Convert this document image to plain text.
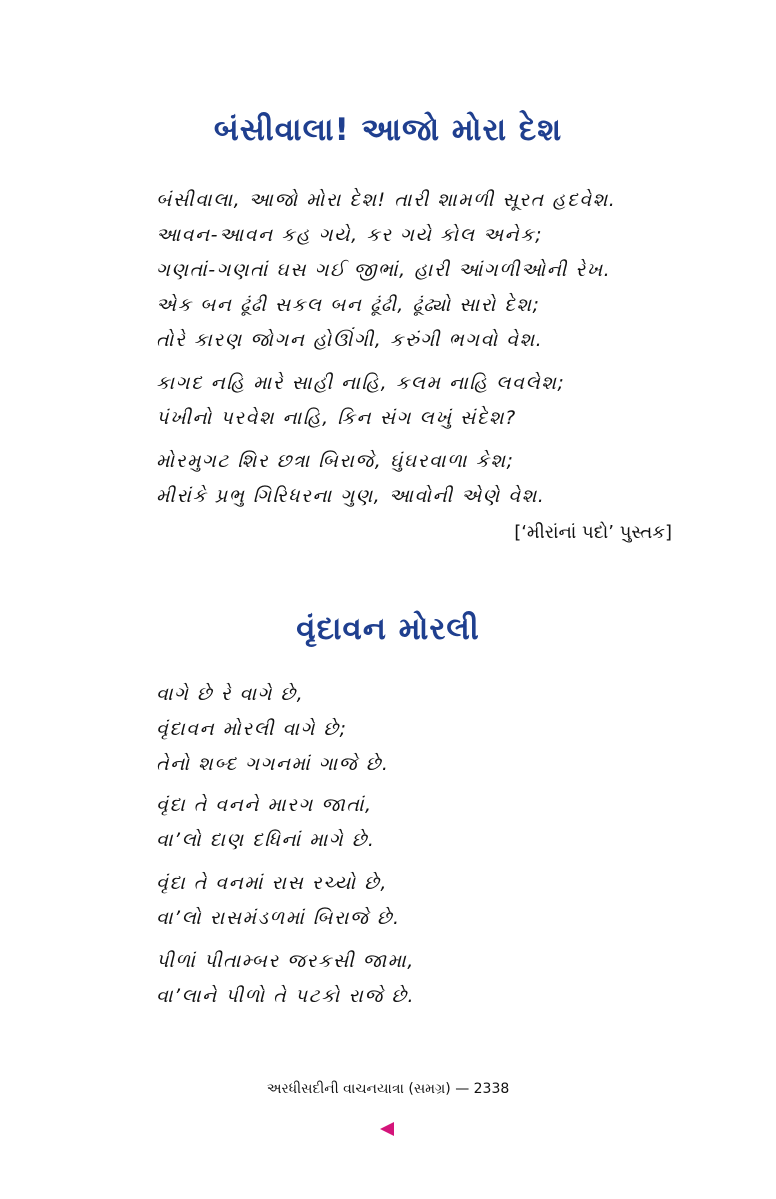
બંસીવાલા! આજો મોરા દેશ
બંસીવાલા, આજો મોરા દેશ! તારી શામળી સૂરત હદવેશ.
આવન-આવન કહ ગયે, કર ગયે કોલ અનેક;
ગણતાં-ગણતાં ઘસ ગઈ જીભાં, હારી આંગળીઓની રેખ.
એક બન ઢૂંઢી સકલ બન ઢૂંઢી, ઢૂંઢ્યો સારો દેશ;
તોરે કારણ જોગન હોઊંગી, કરુંગી ભગવો વેશ.
કાગદ નહિ મારે સાહી નાહિ, કલમ નાહિ લવલેશ;
પંખીનો પરવેશ નાહિ, કિન સંગ લખું સંદેશ?
મોરમુગટ શિર છત્રા બિરાજે, ઘુંઘરવાળા કેશ;
મીરાંકે પ્રભુ ગિરિધરના ગુણ, આવોની એણે વેશ.
[‘મીરાંનાં પદો’ પુસ્તક]
વૃંદાવન મોરલી
વાગે છે રે વાગે છે,
વૃંદાવન મોરલી વાગે છે;
તેનો શબ્દ ગગનમાં ગાજે છે.
વૃંદા તે વનને મારગ જાતાં,
વા’લો દાણ દધિનાં માગે છે.
વૃંદા તે વનમાં રાસ રચ્યો છે,
વા’લો રાસમંડળમાં બિરાજે છે.
પીળાં પીતામ્બર જરકસી જામા,
વા’લાને પીળો તે પટકો રાજે છે.
અરધીસદીની વાચનયાત્રા (સમગ્ર) — 2338
